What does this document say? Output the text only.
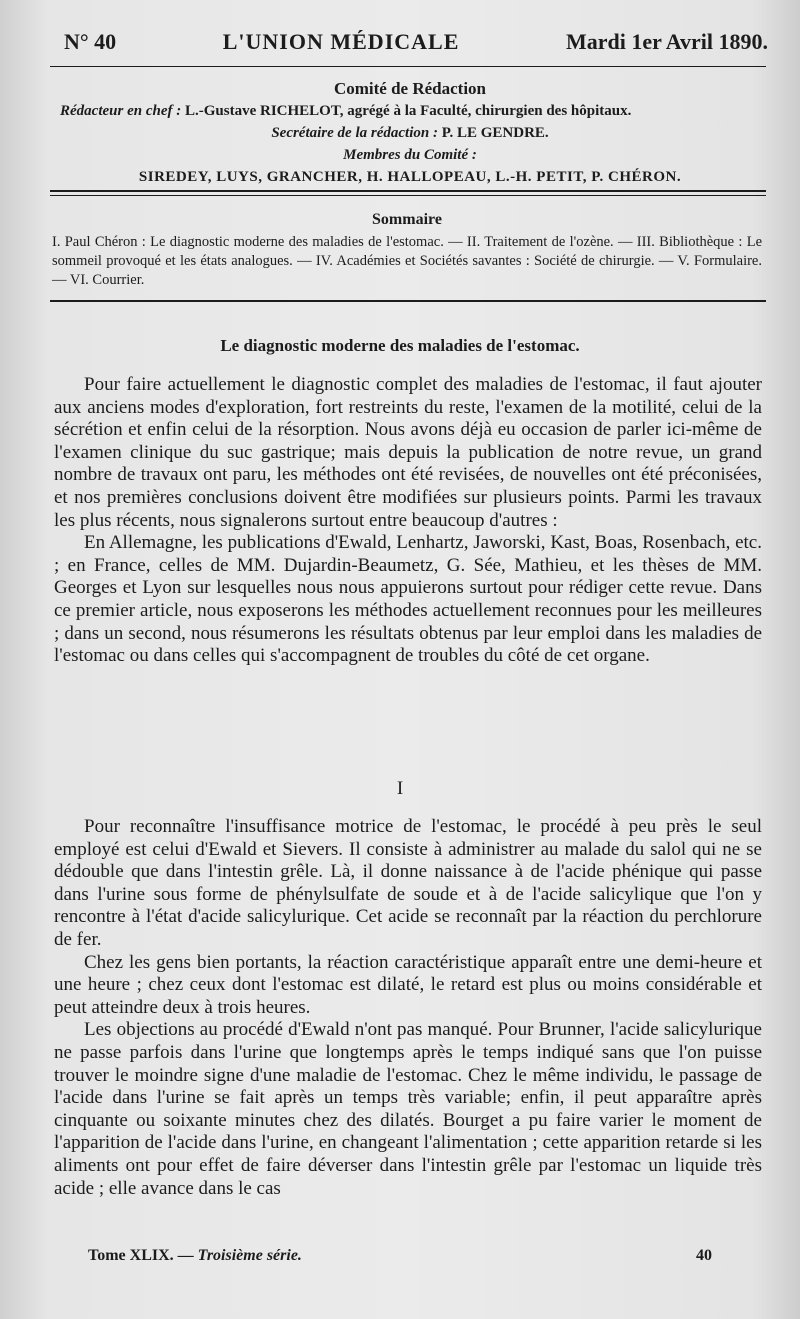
N° 40	L'UNION MÉDICALE	Mardi 1er Avril 1890.
Comité de Rédaction
Rédacteur en chef : L.-Gustave RICHELOT, agrégé à la Faculté, chirurgien des hôpitaux.
Secrétaire de la rédaction : P. LE GENDRE.
Membres du Comité :
SIREDEY, LUYS, GRANCHER, H. HALLOPEAU, L.-H. PETIT, P. CHÉRON.
Sommaire
I. Paul Chéron : Le diagnostic moderne des maladies de l'estomac. — II. Traitement de l'ozène. — III. Bibliothèque : Le sommeil provoqué et les états analogues. — IV. Académies et Sociétés savantes : Société de chirurgie. — V. Formulaire. — VI. Courrier.
Le diagnostic moderne des maladies de l'estomac.

Pour faire actuellement le diagnostic complet des maladies de l'estomac, il faut ajouter aux anciens modes d'exploration, fort restreints du reste, l'examen de la motilité, celui de la sécrétion et enfin celui de la résorption. Nous avons déjà eu occasion de parler ici-même de l'examen clinique du suc gastrique; mais depuis la publication de notre revue, un grand nombre de travaux ont paru, les méthodes ont été revisées, de nouvelles ont été préconisées, et nos premières conclusions doivent être modifiées sur plusieurs points. Parmi les travaux les plus récents, nous signalerons surtout entre beaucoup d'autres :

En Allemagne, les publications d'Ewald, Lenhartz, Jaworski, Kast, Boas, Rosenbach, etc. ; en France, celles de MM. Dujardin-Beaumetz, G. Sée, Mathieu, et les thèses de MM. Georges et Lyon sur lesquelles nous nous appuierons surtout pour rédiger cette revue. Dans ce premier article, nous exposerons les méthodes actuellement reconnues pour les meilleures ; dans un second, nous résumerons les résultats obtenus par leur emploi dans les maladies de l'estomac ou dans celles qui s'accompagnent de troubles du côté de cet organe.

I

Pour reconnaître l'insuffisance motrice de l'estomac, le procédé à peu près le seul employé est celui d'Ewald et Sievers. Il consiste à administrer au malade du salol qui ne se dédouble que dans l'intestin grêle. Là, il donne naissance à de l'acide phénique qui passe dans l'urine sous forme de phénylsulfate de soude et à de l'acide salicylique que l'on y rencontre à l'état d'acide salicylurique. Cet acide se reconnaît par la réaction du perchlorure de fer.

Chez les gens bien portants, la réaction caractéristique apparaît entre une demi-heure et une heure ; chez ceux dont l'estomac est dilaté, le retard est plus ou moins considérable et peut atteindre deux à trois heures.

Les objections au procédé d'Ewald n'ont pas manqué. Pour Brunner, l'acide salicylurique ne passe parfois dans l'urine que longtemps après le temps indiqué sans que l'on puisse trouver le moindre signe d'une maladie de l'estomac. Chez le même individu, le passage de l'acide dans l'urine se fait après un temps très variable; enfin, il peut apparaître après cinquante ou soixante minutes chez des dilatés. Bourget a pu faire varier le moment de l'apparition de l'acide dans l'urine, en changeant l'alimentation ; cette apparition retarde si les aliments ont pour effet de faire déverser dans l'intestin grêle par l'estomac un liquide très acide ; elle avance dans le cas

Tome XLIX. — Troisième série.	40
